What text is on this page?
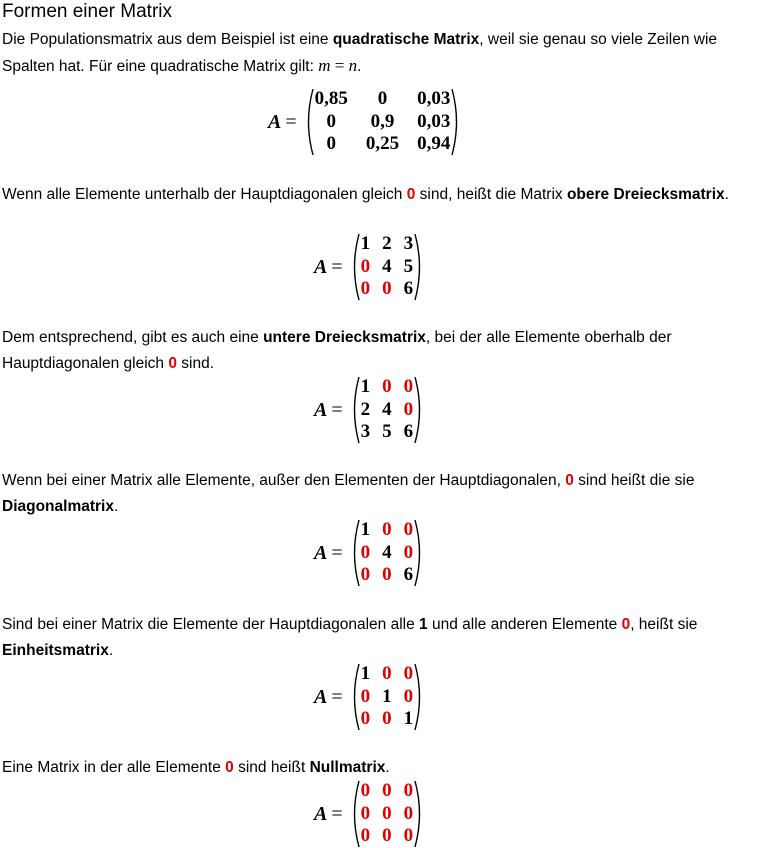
Formen einer Matrix
Die Populationsmatrix aus dem Beispiel ist eine quadratische Matrix, weil sie genau so viele Zeilen wie Spalten hat. Für eine quadratische Matrix gilt: m = n.
A =
0,85	0	0,03
0	0,9 0,03
0	0,25 0,94
Wenn alle Elemente unterhalb der Hauptdiagonalen gleich 0 sind, heißt die Matrix obere Dreiecksmatrix.
A =
1 2 3
0 4 5
0 0 6
Dem entsprechend, gibt es auch eine untere Dreiecksmatrix, bei der alle Elemente oberhalb der Hauptdiagonalen gleich 0 sind.
A =
1 0 0
2 4 0
3 5 6
Wenn bei einer Matrix alle Elemente, außer den Elementen der Hauptdiagonalen, 0 sind heißt die sie Diagonalmatrix.
A =
1 0 0
0 4 0
0 0 6
Sind bei einer Matrix die Elemente der Hauptdiagonalen alle 1 und alle anderen Elemente 0, heißt sie Einheitsmatrix.
A =
1 0 0
0 1 0
0 0 1
Eine Matrix in der alle Elemente 0 sind heißt Nullmatrix.
A =
0 0 0
0 0 0
0 0 0
